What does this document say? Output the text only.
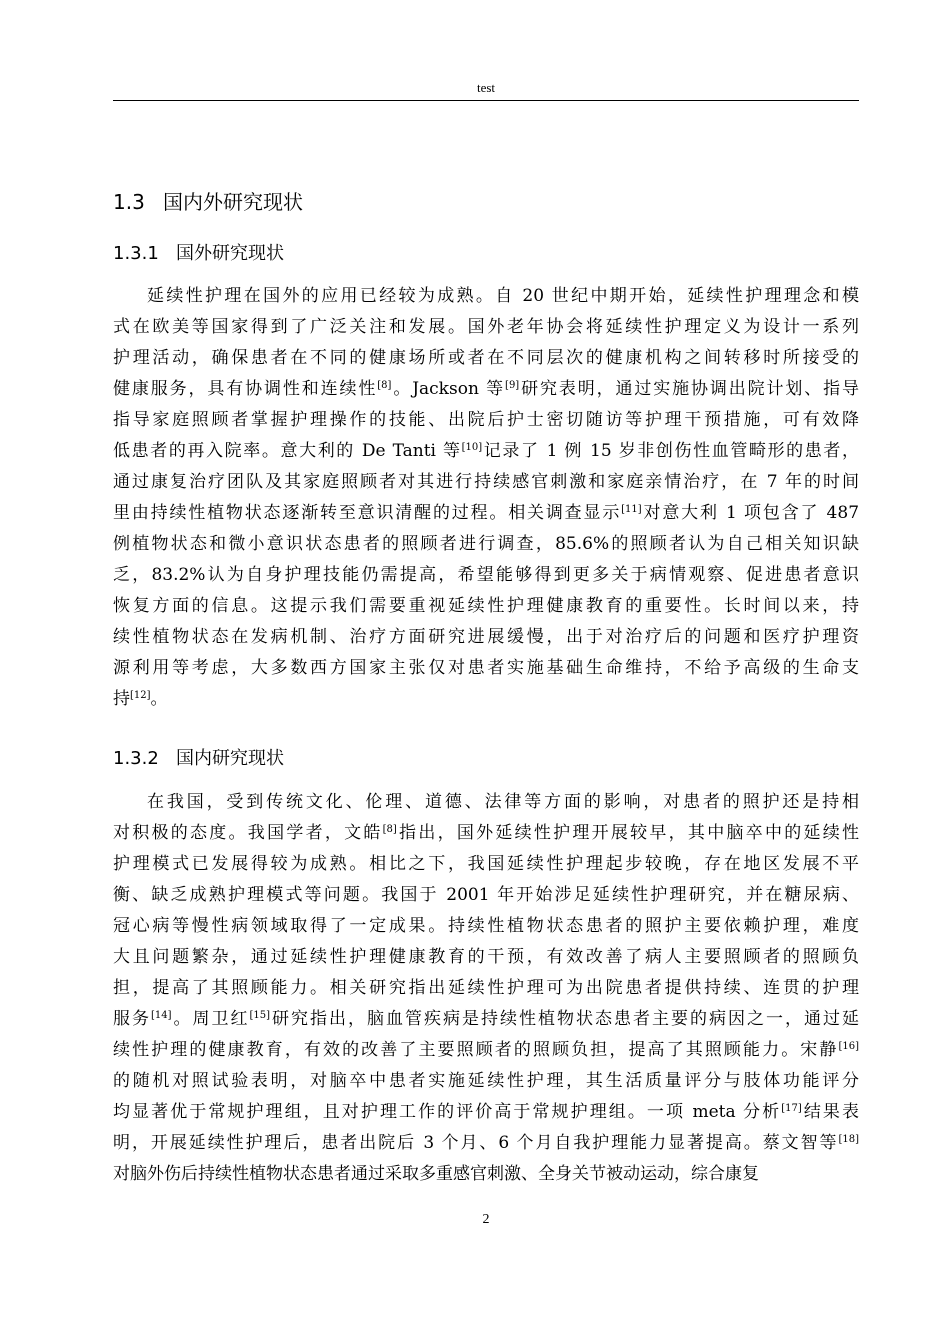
test
1.3 国内外研究现状
1.3.1 国外研究现状
延续性护理在国外的应用已经较为成熟。自 20 世纪中期开始，延续性护理理念和模
式在欧美等国家得到了广泛关注和发展。国外老年协会将延续性护理定义为设计一系列
护理活动，确保患者在不同的健康场所或者在不同层次的健康机构之间转移时所接受的
健康服务，具有协调性和连续性[8]。Jackson 等[9]研究表明，通过实施协调出院计划、指导
指导家庭照顾者掌握护理操作的技能、出院后护士密切随访等护理干预措施，可有效降
低患者的再入院率。意大利的 De Tanti 等[10]记录了 1 例 15 岁非创伤性血管畸形的患者，
通过康复治疗团队及其家庭照顾者对其进行持续感官刺激和家庭亲情治疗，在 7 年的时间
里由持续性植物状态逐渐转至意识清醒的过程。相关调查显示[11]对意大利 1 项包含了 487
例植物状态和微小意识状态患者的照顾者进行调查，85.6%的照顾者认为自己相关知识缺
乏，83.2%认为自身护理技能仍需提高，希望能够得到更多关于病情观察、促进患者意识
恢复方面的信息。这提示我们需要重视延续性护理健康教育的重要性。长时间以来，持
续性植物状态在发病机制、治疗方面研究进展缓慢，出于对治疗后的问题和医疗护理资
源利用等考虑，大多数西方国家主张仅对患者实施基础生命维持，不给予高级的生命支
持[12]。
1.3.2 国内研究现状
在我国，受到传统文化、伦理、道德、法律等方面的影响，对患者的照护还是持相
对积极的态度。我国学者，文皓[8]指出，国外延续性护理开展较早，其中脑卒中的延续性
护理模式已发展得较为成熟。相比之下，我国延续性护理起步较晚，存在地区发展不平
衡、缺乏成熟护理模式等问题。我国于 2001 年开始涉足延续性护理研究，并在糖尿病、
冠心病等慢性病领域取得了一定成果。持续性植物状态患者的照护主要依赖护理，难度
大且问题繁杂，通过延续性护理健康教育的干预，有效改善了病人主要照顾者的照顾负
担，提高了其照顾能力。相关研究指出延续性护理可为出院患者提供持续、连贯的护理
服务[14]。周卫红[15]研究指出，脑血管疾病是持续性植物状态患者主要的病因之一，通过延
续性护理的健康教育，有效的改善了主要照顾者的照顾负担，提高了其照顾能力。宋静[16]
的随机对照试验表明，对脑卒中患者实施延续性护理，其生活质量评分与肢体功能评分
均显著优于常规护理组，且对护理工作的评价高于常规护理组。一项 meta 分析[17]结果表
明，开展延续性护理后，患者出院后 3 个月、6 个月自我护理能力显著提高。蔡文智等[18]
对脑外伤后持续性植物状态患者通过采取多重感官刺激、全身关节被动运动，综合康复
2
